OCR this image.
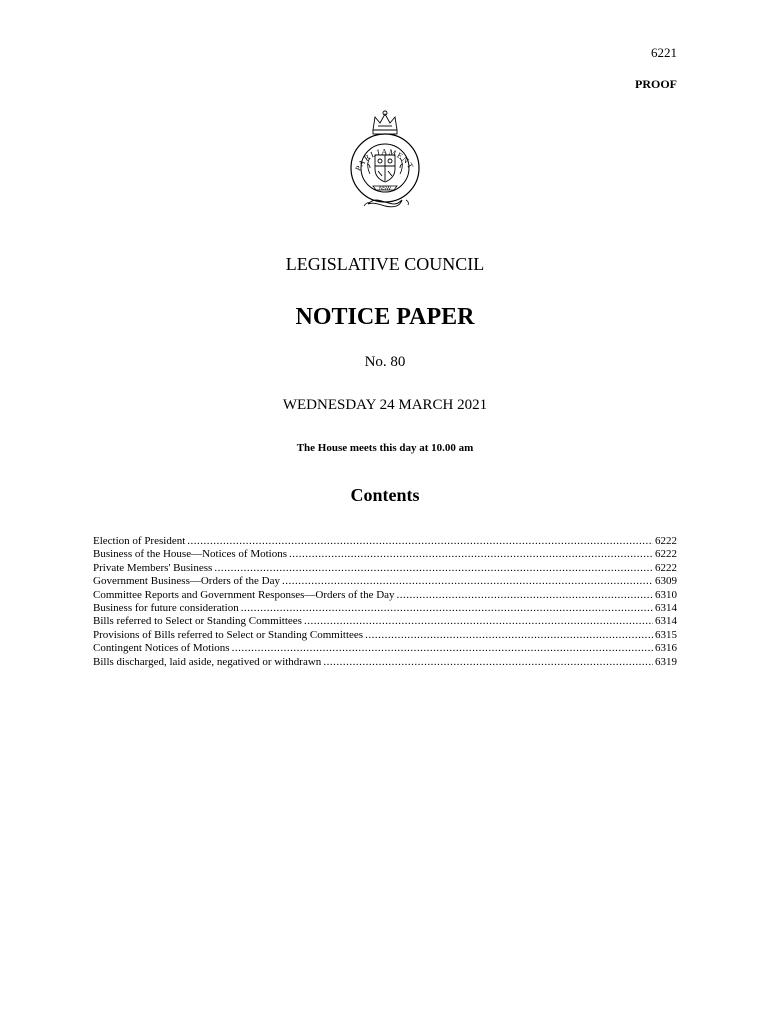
6221
PROOF
PARLIAMENT
NSW
LEGISLATIVE COUNCIL
NOTICE PAPER
No. 80
WEDNESDAY 24 MARCH 2021
The House meets this day at 10.00 am
Contents
Election of President .....	6222
Business of the House—Notices of Motions .....	6222
Private Members' Business .....	6222
Government Business—Orders of the Day .....	6309
Committee Reports and Government Responses—Orders of the Day .....	6310
Business for future consideration .....	6314
Bills referred to Select or Standing Committees .....	6314
Provisions of Bills referred to Select or Standing Committees .....	6315
Contingent Notices of Motions .....	6316
Bills discharged, laid aside, negatived or withdrawn .....	6319
